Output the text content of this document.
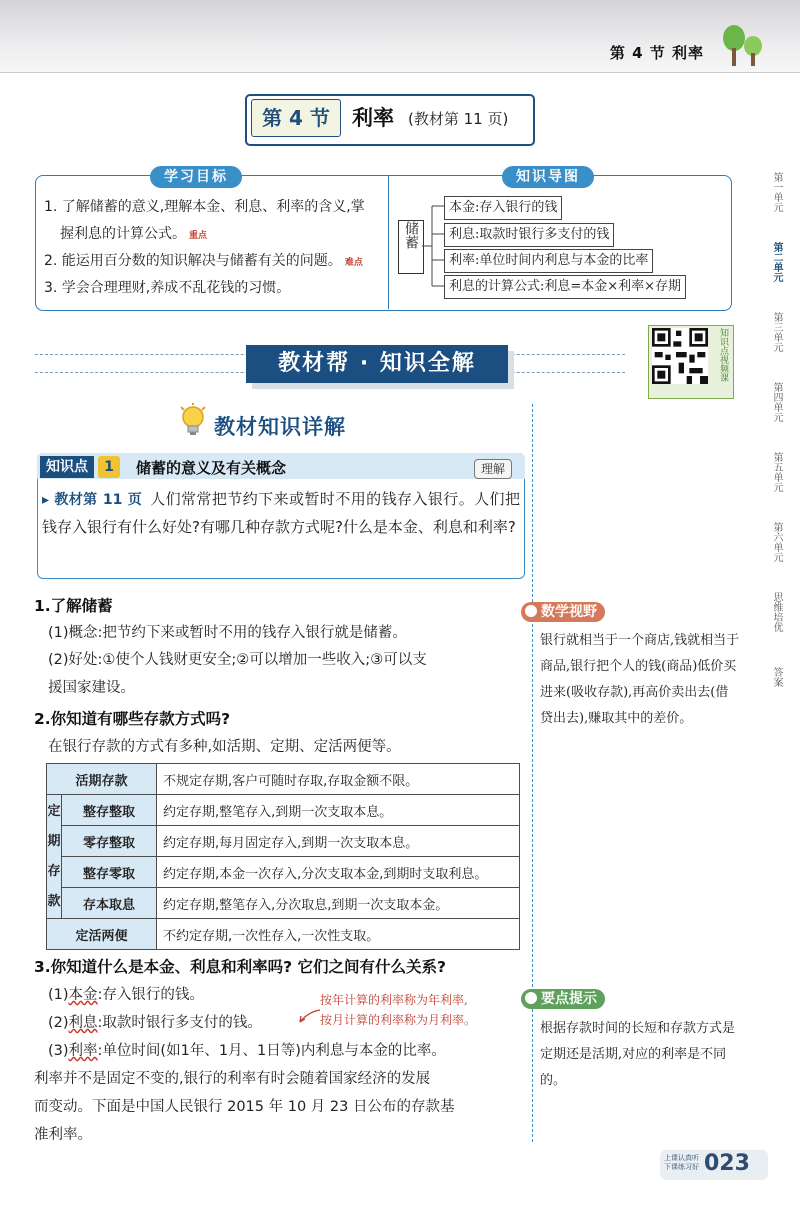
第 4 节 利率
第 4 节	利率 (教材第 11 页)
学习目标	知识导图
1. 了解储蓄的意义,理解本金、利息、利率的含义,掌
握利息的计算公式。 重点
2. 能运用百分数的知识解决与储蓄有关的问题。 难点
3. 学会合理理财,养成不乱花钱的习惯。
储蓄
本金:存入银行的钱
利息:取款时银行多支付的钱
利率:单位时间内利息与本金的比率
利息的计算公式:利息=本金×利率×存期
教材帮 · 知识全解	知识点视频课
第一单元
第二单元
第三单元
第四单元
第五单元
第六单元
思维培优
答案
教材知识详解
知识点	1	储蓄的意义及有关概念	理解
▸ 教材第 11 页 人们常常把节约下来或暂时不用的钱存入银行。人们把钱存入银行有什么好处?有哪几种存款方式呢?什么是本金、利息和利率?
1.了解储蓄
(1)概念:把节约下来或暂时不用的钱存入银行就是储蓄。
(2)好处:①使个人钱财更安全;②可以增加一些收入;③可以支
援国家建设。
2.你知道有哪些存款方式吗?
在银行存款的方式有多种,如活期、定期、定活两便等。
活期存款		不规定存期,客户可随时存取,存取金额不限。

定
期
存
款	整存整取	约定存期,整笔存入,到期一次支取本息。
	零存整取	约定存期,每月固定存入,到期一次支取本息。
	整存零取	约定存期,本金一次存入,分次支取本金,到期时支取利息。
	存本取息	约定存期,整笔存入,分次取息,到期一次支取本金。
定活两便		不约定存期,一次性存入,一次性支取。
3.你知道什么是本金、利息和利率吗? 它们之间有什么关系?
(1)本金:存入银行的钱。
(2)利息:取款时银行多支付的钱。
(3)利率:单位时间(如1年、1月、1日等)内利息与本金的比率。
利率并不是固定不变的,银行的利率有时会随着国家经济的发展
而变动。下面是中国人民银行 2015 年 10 月 23 日公布的存款基
准利率。
按年计算的利率称为年利率,
按月计算的利率称为月利率。
数学视野
银行就相当于一个商店,钱就相当于商品,银行把个人的钱(商品)低价买进来(吸收存款),再高价卖出去(借贷出去),赚取其中的差价。
要点提示
根据存款时间的长短和存款方式是定期还是活期,对应的利率是不同的。
上课认真听 下课练习好 023
